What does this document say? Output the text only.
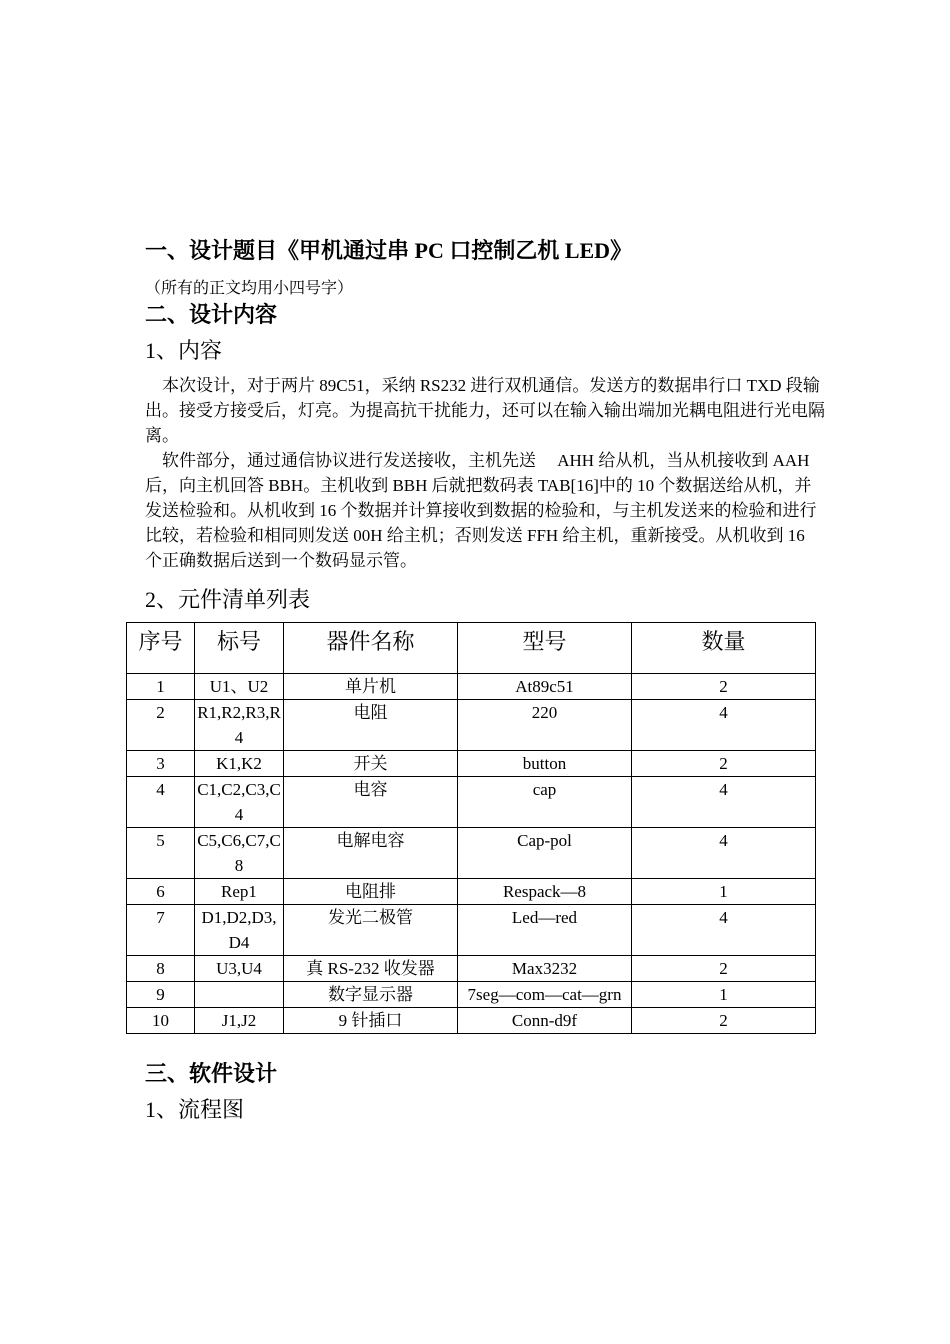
一、设计题目《甲机通过串 PC 口控制乙机 LED》
（所有的正文均用小四号字）
二、设计内容
1、内容

　本次设计，对于两片 89C51，采纳 RS232 进行双机通信。发送方的数据串行口 TXD 段输出。接受方接受后，灯亮。为提高抗干扰能力，还可以在输入输出端加光耦电阻进行光电隔离。

　软件部分，通过通信协议进行发送接收，主机先送　 AHH 给从机，当从机接收到 AAH 后，向主机回答 BBH。主机收到 BBH 后就把数码表 TAB[16]中的 10 个数据送给从机，并发送检验和。从机收到 16 个数据并计算接收到数据的检验和，与主机发送来的检验和进行比较，若检验和相同则发送 00H 给主机；否则发送 FFH 给主机，重新接受。从机收到 16 个正确数据后送到一个数码显示管。

2、元件清单列表
序号	标号	器件名称	型号	数量
1	U1、U2	单片机	At89c51	2
2	R1,R2,R3,R4	电阻	220	4
3	K1,K2	开关	button	2
4	C1,C2,C3,C4	电容	cap	4
5	C5,C6,C7,C8	电解电容	Cap-pol	4
6	Rep1	电阻排	Respack—8	1
7	D1,D2,D3,D4	发光二极管	Led—red	4
8	U3,U4	真 RS-232 收发器	Max3232	2
9		数字显示器	7seg—com—cat—grn	1
10	J1,J2	9 针插口	Conn-d9f	2
三、软件设计
1、流程图
